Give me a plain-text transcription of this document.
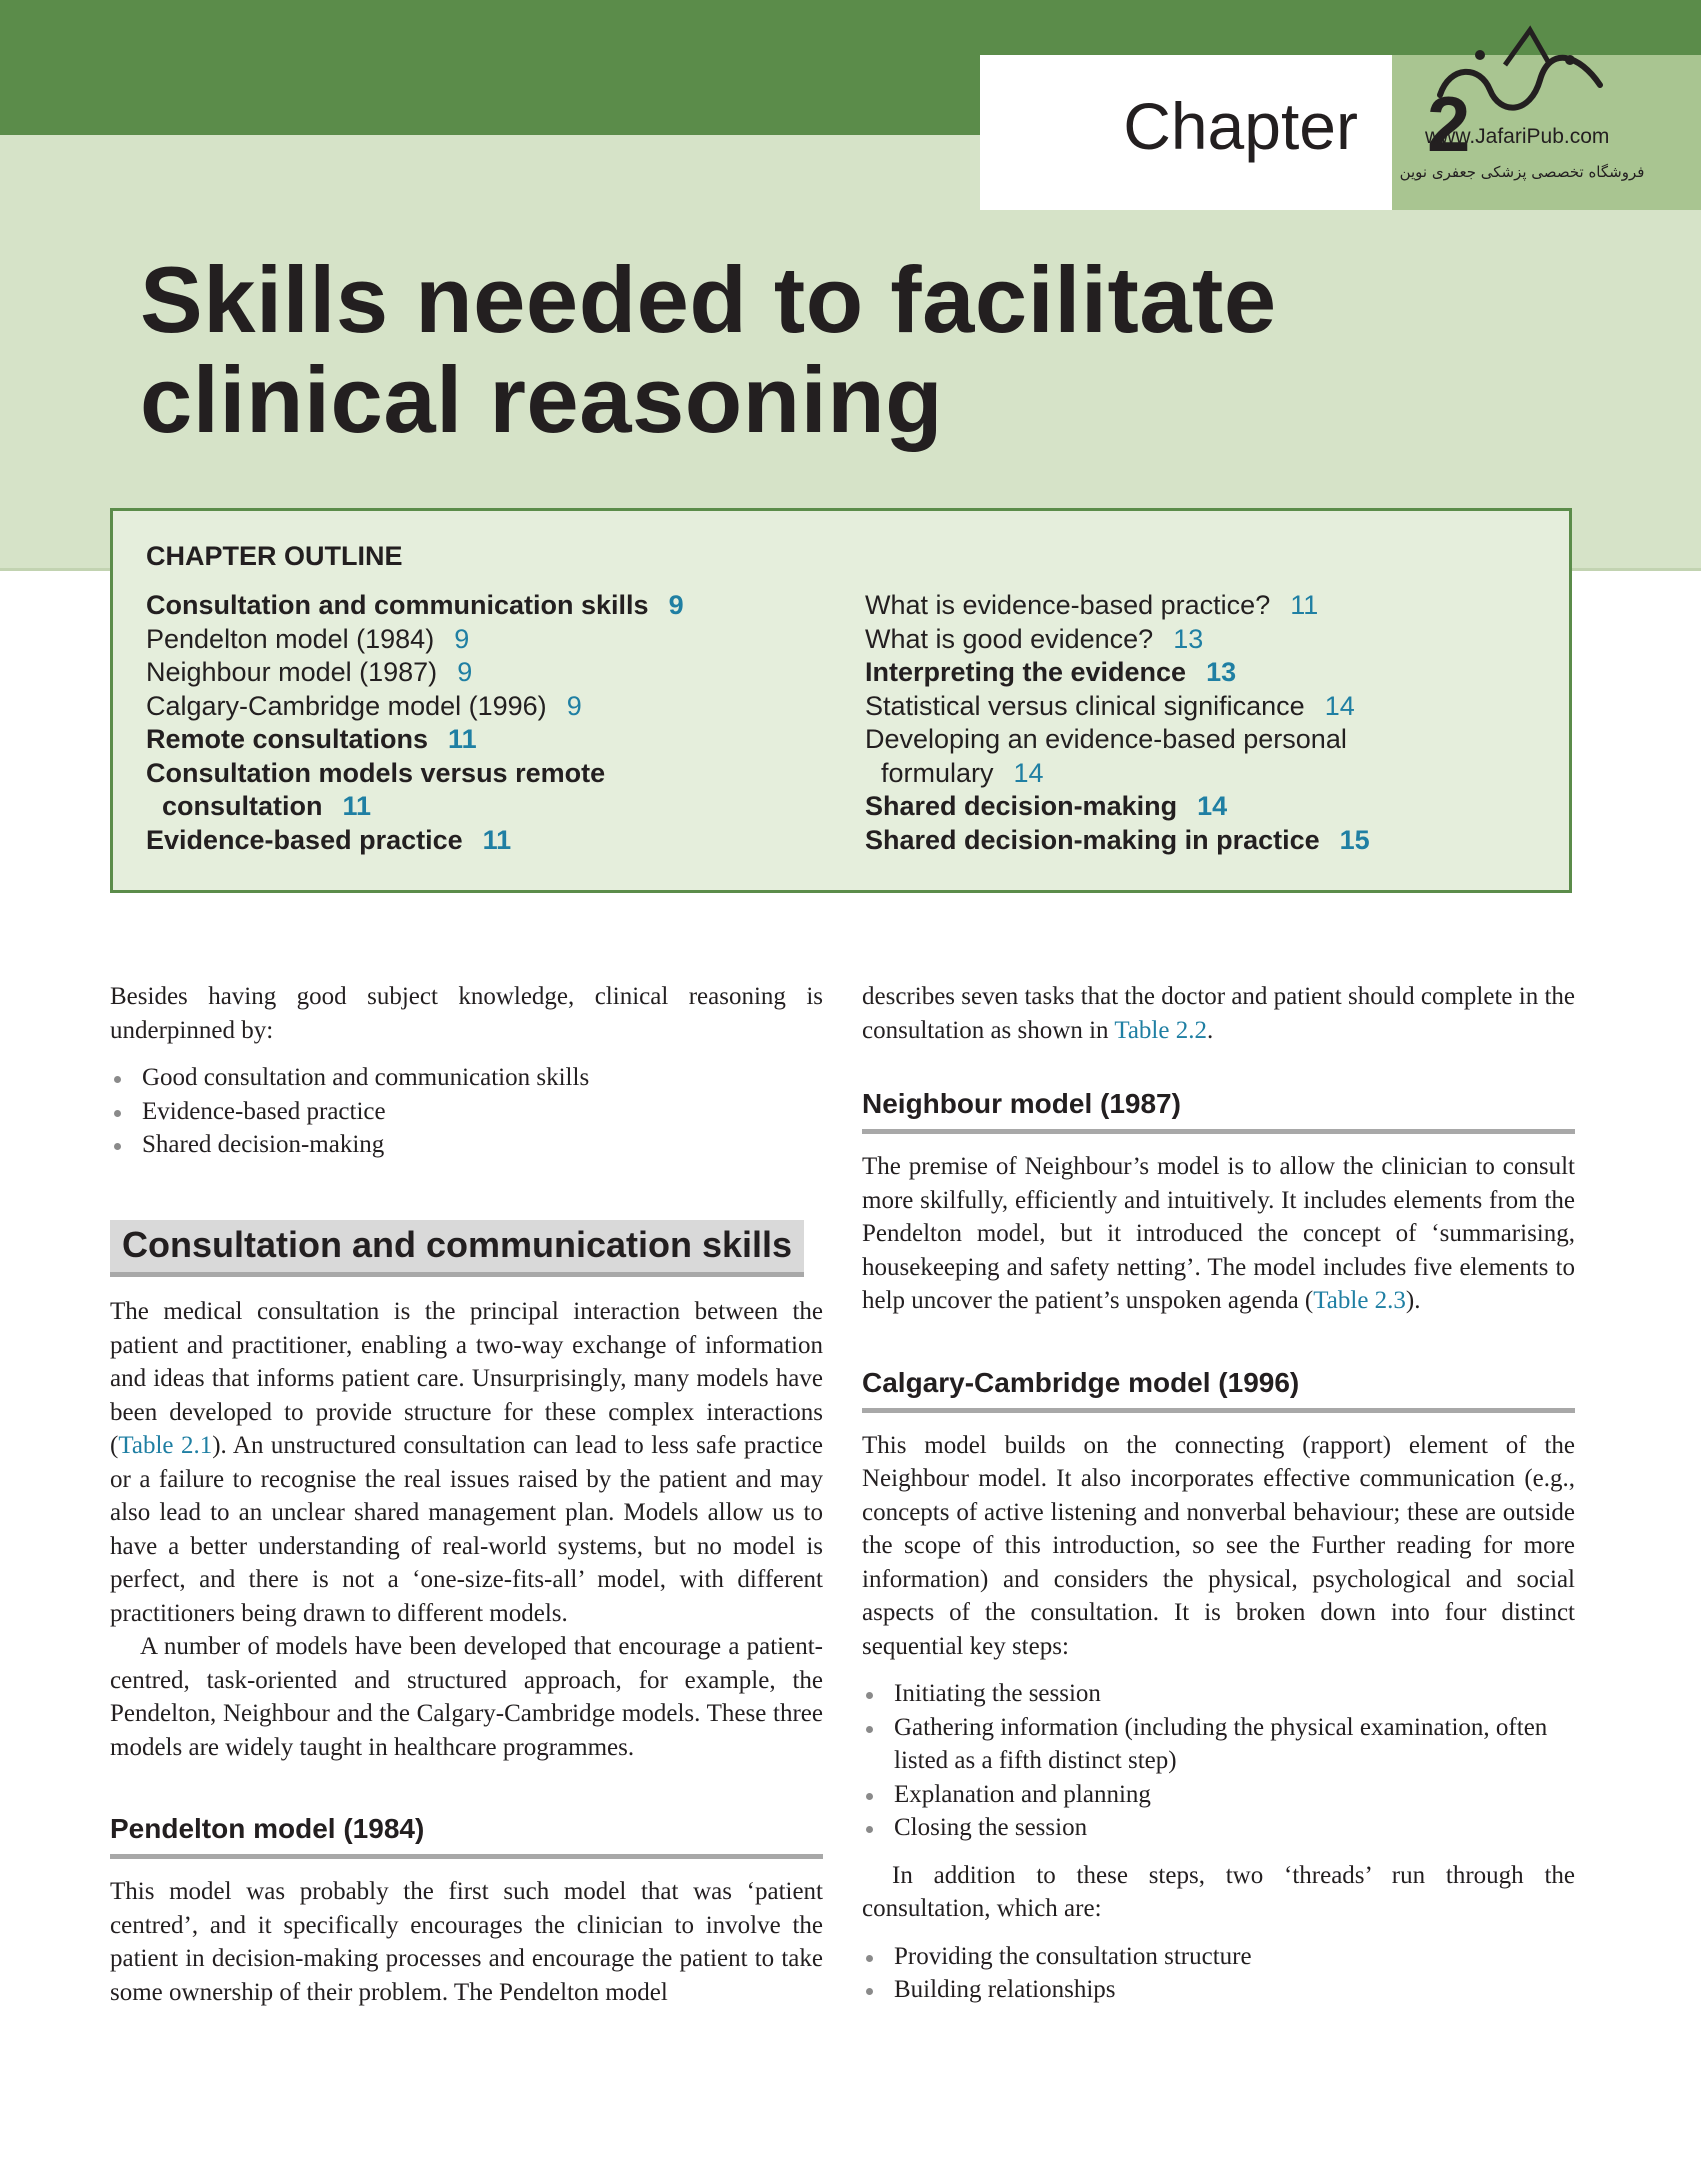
Chapter 2
www.JafariPub.com
فروشگاه تخصصی پزشکی جعفری نوین
Skills needed to facilitate
clinical reasoning
CHAPTER OUTLINE
Consultation and communication skills 9
Pendelton model (1984) 9
Neighbour model (1987) 9
Calgary-Cambridge model (1996) 9
Remote consultations 11
Consultation models versus remote
consultation 11
Evidence-based practice 11
What is evidence-based practice? 11
What is good evidence? 13
Interpreting the evidence 13
Statistical versus clinical significance 14
Developing an evidence-based personal
formulary 14
Shared decision-making 14
Shared decision-making in practice 15

Besides having good subject knowledge, clinical reasoning is underpinned by:

Good consultation and communication skills
Evidence-based practice
Shared decision-making
Consultation and communication skills

The medical consultation is the principal interaction between the patient and practitioner, enabling a two-way exchange of information and ideas that informs patient care. Unsurprisingly, many models have been developed to provide structure for these complex interactions (Table 2.1). An unstructured consultation can lead to less safe practice or a failure to recognise the real issues raised by the patient and may also lead to an unclear shared management plan. Models allow us to have a better understanding of real-world systems, but no model is perfect, and there is not a ‘one-size-fits-all’ model, with different practitioners being drawn to different models.

A number of models have been developed that encourage a patient-centred, task-oriented and structured approach, for example, the Pendelton, Neighbour and the Calgary-Cambridge models. These three models are widely taught in healthcare programmes.

Pendelton model (1984)

This model was probably the first such model that was ‘patient centred’, and it specifically encourages the clinician to involve the patient in decision-making processes and encourage the patient to take some ownership of their problem. The Pendelton model

describes seven tasks that the doctor and patient should complete in the consultation as shown in Table 2.2.

Neighbour model (1987)

The premise of Neighbour’s model is to allow the clinician to consult more skilfully, efficiently and intuitively. It includes elements from the Pendelton model, but it introduced the concept of ‘summarising, housekeeping and safety netting’. The model includes five elements to help uncover the patient’s unspoken agenda (Table 2.3).

Calgary-Cambridge model (1996)

This model builds on the connecting (rapport) element of the Neighbour model. It also incorporates effective communication (e.g., concepts of active listening and nonverbal behaviour; these are outside the scope of this introduction, so see the Further reading for more information) and considers the physical, psychological and social aspects of the consultation. It is broken down into four distinct sequential key steps:

Initiating the session
Gathering information (including the physical examination, often listed as a fifth distinct step)
Explanation and planning
Closing the session

In addition to these steps, two ‘threads’ run through the consultation, which are:

Providing the consultation structure
Building relationships
